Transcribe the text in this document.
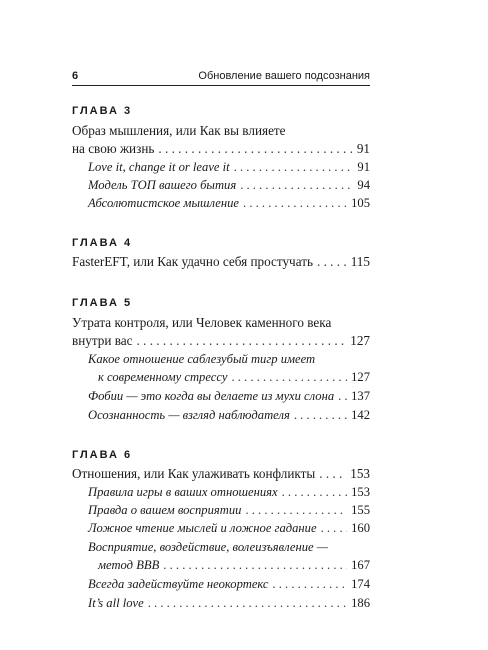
6	Обновление вашего подсознания
ГЛАВА 3
Образ мышления, или Как вы влияете
на свою жизнь . . .	91
Love it, change it or leave it . . .	91
Модель ТОП вашего бытия . . .	94
Абсолютистское мышление . . .	105
ГЛАВА 4
FasterEFT, или Как удачно себя простучать . . .	115
ГЛАВА 5
Утрата контроля, или Человек каменного века
внутри вас . . .	127
Какое отношение саблезубый тигр имеет
к современному стрессу . . .	127
Фобии — это когда вы делаете из мухи слона . . . 137
Осознанность — взгляд наблюдателя . . .	142
ГЛАВА 6
Отношения, или Как улаживать конфликты . . .	153
Правила игры в ваших отношениях . . .	153
Правда о вашем восприятии . . .	155
Ложное чтение мыслей и ложное гадание . . .	160
Восприятие, воздействие, волеизъявление —
метод ВВВ . . .	167
Всегда задействуйте неокортекс . . .	174
It’s all love . . .	186
